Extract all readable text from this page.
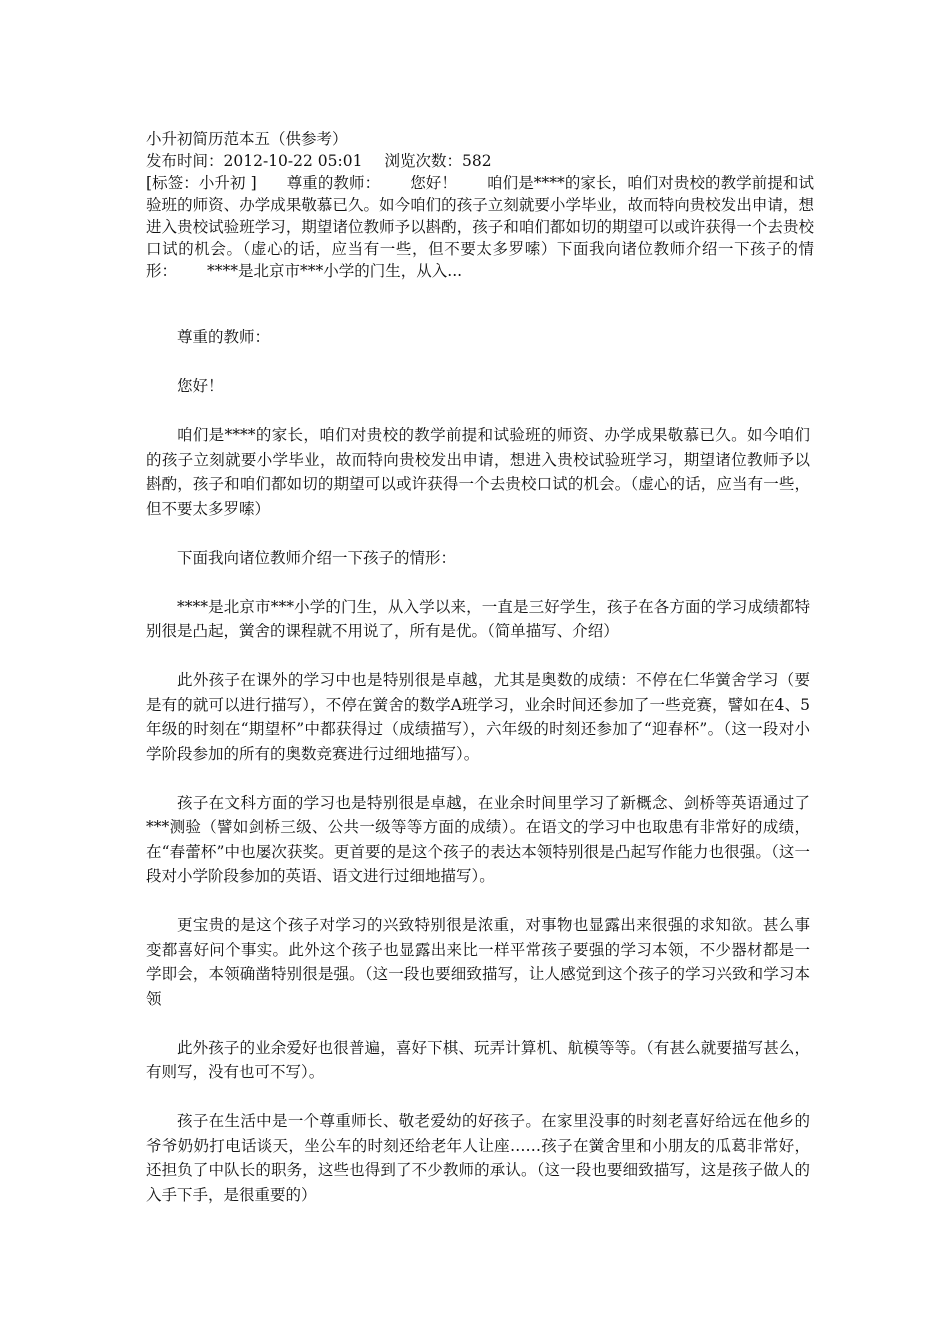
小升初简历范本五（供参考）
发布时间：2012-10-22 05:01 浏览次数：582
[标签：小升初 ] 尊重的教师： 您好！ 咱们是****的家长，咱们对贵校的教学前提和试验班的师资、办学成果敬慕已久。如今咱们的孩子立刻就要小学毕业，故而特向贵校发出申请，想进入贵校试验班学习，期望诸位教师予以斟酌，孩子和咱们都如切的期望可以或许获得一个去贵校口试的机会。（虚心的话，应当有一些，但不要太多罗嗦）下面我向诸位教师介绍一下孩子的情形： ****是北京市***小学的门生，从入...

尊重的教师：

您好！

咱们是****的家长，咱们对贵校的教学前提和试验班的师资、办学成果敬慕已久。如今咱们的孩子立刻就要小学毕业，故而特向贵校发出申请，想进入贵校试验班学习，期望诸位教师予以斟酌，孩子和咱们都如切的期望可以或许获得一个去贵校口试的机会。（虚心的话，应当有一些，但不要太多罗嗦）

下面我向诸位教师介绍一下孩子的情形：

****是北京市***小学的门生，从入学以来，一直是三好学生，孩子在各方面的学习成绩都特别很是凸起，黉舍的课程就不用说了，所有是优。（简单描写、介绍）

此外孩子在课外的学习中也是特别很是卓越，尤其是奥数的成绩：不停在仁华黉舍学习（要是有的就可以进行描写），不停在黉舍的数学A班学习，业余时间还参加了一些竞赛，譬如在4、5年级的时刻在“期望杯”中都获得过（成绩描写），六年级的时刻还参加了“迎春杯”。（这一段对小学阶段参加的所有的奥数竞赛进行过细地描写）。

孩子在文科方面的学习也是特别很是卓越，在业余时间里学习了新概念、剑桥等英语通过了***测验（譬如剑桥三级、公共一级等等方面的成绩）。在语文的学习中也取患有非常好的成绩，在“春蕾杯”中也屡次获奖。更首要的是这个孩子的表达本领特别很是凸起写作能力也很强。（这一段对小学阶段参加的英语、语文进行过细地描写）。

更宝贵的是这个孩子对学习的兴致特别很是浓重，对事物也显露出来很强的求知欲。甚么事变都喜好问个事实。此外这个孩子也显露出来比一样平常孩子要强的学习本领，不少器材都是一学即会，本领确凿特别很是强。（这一段也要细致描写，让人感觉到这个孩子的学习兴致和学习本领

此外孩子的业余爱好也很普遍，喜好下棋、玩弄计算机、航模等等。（有甚么就要描写甚么，有则写，没有也可不写）。

孩子在生活中是一个尊重师长、敬老爱幼的好孩子。在家里没事的时刻老喜好给远在他乡的爷爷奶奶打电话谈天，坐公车的时刻还给老年人让座……孩子在黉舍里和小朋友的瓜葛非常好，还担负了中队长的职务，这些也得到了不少教师的承认。（这一段也要细致描写，这是孩子做人的入手下手，是很重要的）
